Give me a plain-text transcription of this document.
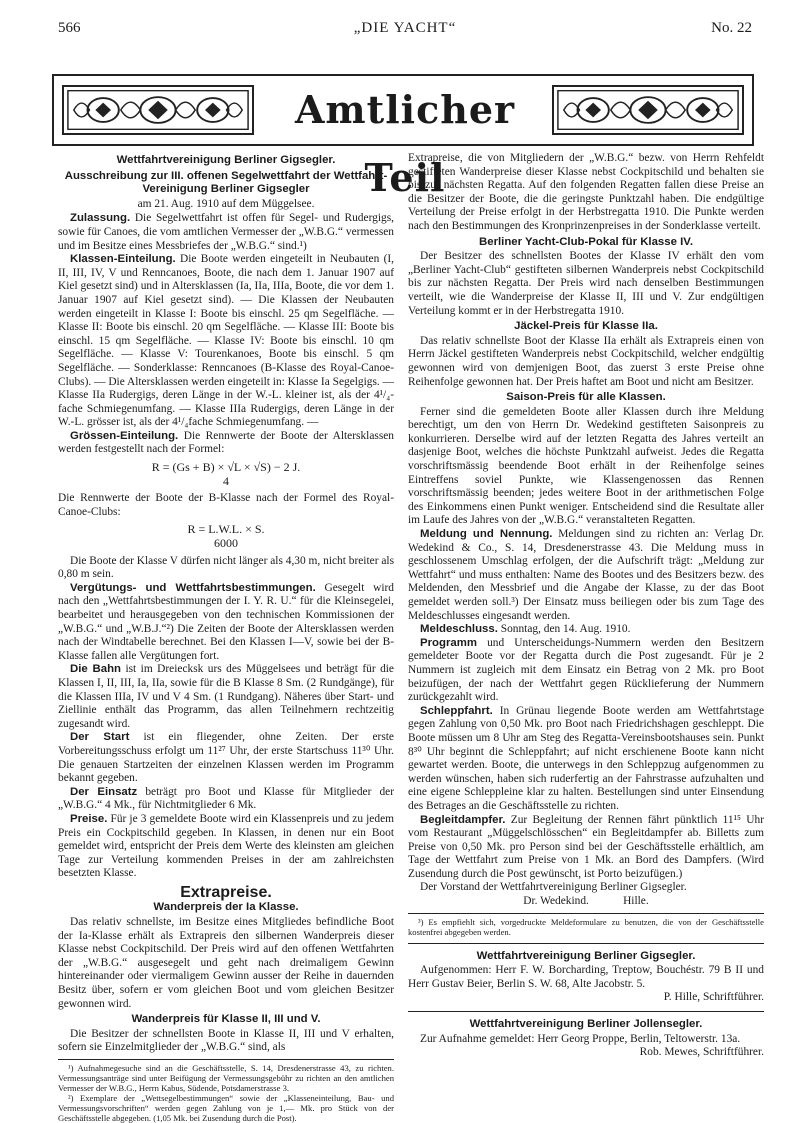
„DIE YACHT“
566	No. 22
Amtlicher Teil
Wettfahrtvereinigung Berliner Gigsegler.
Ausschreibung zur III. offenen Segelwettfahrt der Wettfahrt-Vereinigung Berliner Gigsegler
am 21. Aug. 1910 auf dem Müggelsee.

Zulassung. Die Segelwettfahrt ist offen für Segel- und Rudergigs, sowie für Canoes, die vom amtlichen Vermesser der „W.B.G.“ vermessen und im Besitze eines Messbriefes der „W.B.G.“ sind.¹)

Klassen-Einteilung. Die Boote werden eingeteilt in Neubauten (I, II, III, IV, V und Renncanoes, Boote, die nach dem 1. Januar 1907 auf Kiel gesetzt sind) und in Altersklassen (Ia, IIa, IIIa, Boote, die vor dem 1. Januar 1907 auf Kiel gesetzt sind). — Die Klassen der Neubauten werden eingeteilt in Klasse I: Boote bis einschl. 25 qm Segelfläche. — Klasse II: Boote bis einschl. 20 qm Segelfläche. — Klasse III: Boote bis einschl. 15 qm Segelfläche. — Klasse IV: Boote bis einschl. 10 qm Segelfläche. — Klasse V: Tourenkanoes, Boote bis einschl. 5 qm Segelfläche. — Sonderklasse: Renncanoes (B-Klasse des Royal-Canoe-Clubs). — Die Altersklassen werden eingeteilt in: Klasse Ia Segelgigs. — Klasse IIa Rudergigs, deren Länge in der W.-L. kleiner ist, als der 4¹/₄-fache Schmiegenumfang. — Klasse IIIa Rudergigs, deren Länge in der W.-L. grösser ist, als der 4¹/₄fache Schmiegenumfang. —

Grössen-Einteilung. Die Rennwerte der Boote der Altersklassen werden festgestellt nach der Formel:

R = (Gs + B) × √L × √S) − 2 J.
4

Die Rennwerte der Boote der B-Klasse nach der Formel des Royal-Canoe-Clubs:

R = L.W.L. × S.
6000

Die Boote der Klasse V dürfen nicht länger als 4,30 m, nicht breiter als 0,80 m sein.

Vergütungs- und Wettfahrtsbestimmungen. Gesegelt wird nach den „Wettfahrtsbestimmungen der I. Y. R. U.“ für die Kleinsegelei, bearbeitet und herausgegeben von den technischen Kommissionen der „W.B.G.“ und „W.B.J.“²) Die Zeiten der Boote der Altersklassen werden nach der Windtabelle berechnet. Bei den Klassen I—V, sowie bei der B-Klasse fallen alle Vergütungen fort.

Die Bahn ist im Dreiecksk urs des Müggelsees und beträgt für die Klassen I, II, III, Ia, IIa, sowie für die B Klasse 8 Sm. (2 Rundgänge), für die Klassen IIIa, IV und V 4 Sm. (1 Rundgang). Näheres über Start- und Ziellinie enthält das Programm, das allen Teilnehmern rechtzeitig zugesandt wird.

Der Start ist ein fliegender, ohne Zeiten. Der erste Vorbereitungsschuss erfolgt um 11²⁷ Uhr, der erste Startschuss 11³⁰ Uhr. Die genauen Startzeiten der einzelnen Klassen werden im Programm bekannt gegeben.

Der Einsatz beträgt pro Boot und Klasse für Mitglieder der „W.B.G.“ 4 Mk., für Nichtmitglieder 6 Mk.

Preise. Für je 3 gemeldete Boote wird ein Klassenpreis und zu jedem Preis ein Cockpitschild gegeben. In Klassen, in denen nur ein Boot gemeldet wird, entspricht der Preis dem Werte des kleinsten am gleichen Tage zur Verteilung kommenden Preises in der am zahlreichsten besetzten Klasse.

Extrapreise.
Wanderpreis der Ia Klasse.

Das relativ schnellste, im Besitze eines Mitgliedes befindliche Boot der Ia-Klasse erhält als Extrapreis den silbernen Wanderpreis dieser Klasse nebst Cockpitschild. Der Preis wird auf den offenen Wettfahrten der „W.B.G.“ ausgesegelt und geht nach dreimaligem Gewinn hintereinander oder viermaligem Gewinn ausser der Reihe in dauernden Besitz über, sofern er vom gleichen Boot und vom gleichen Besitzer gewonnen wird.

Wanderpreis für Klasse II, III und V.

Die Besitzer der schnellsten Boote in Klasse II, III und V erhalten, sofern sie Einzelmitglieder der „W.B.G.“ sind, als

¹) Aufnahmegesuche sind an die Geschäftsstelle, S. 14, Dresdenerstrasse 43, zu richten. Vermessungsanträge sind unter Beifügung der Vermessungsgebühr zu richten an den amtlichen Vermesser der W.B.G., Herrn Kabus, Südende, Potsdamerstrasse 3.

²) Exemplare der „Wettsegelbestimmungen“ sowie der „Klasseneinteilung, Bau- und Vermessungsvorschriften“ werden gegen Zahlung von je 1,— Mk. pro Stück von der Geschäftsstelle abgegeben. (1,05 Mk. bei Zusendung durch die Post).

Extrapreise, die von Mitgliedern der „W.B.G.“ bezw. von Herrn Rehfeldt gestifteten Wanderpreise dieser Klasse nebst Cockpitschild und behalten sie bis zur nächsten Regatta. Auf den folgenden Regatten fallen diese Preise an die Besitzer der Boote, die die geringste Punktzahl haben. Die endgültige Verteilung der Preise erfolgt in der Herbstregatta 1910. Die Punkte werden nach den Bestimmungen des Kronprinzenpreises in der Sonderklasse verteilt.

Berliner Yacht-Club-Pokal für Klasse IV.

Der Besitzer des schnellsten Bootes der Klasse IV erhält den vom „Berliner Yacht-Club“ gestifteten silbernen Wanderpreis nebst Cockpitschild bis zur nächsten Regatta. Der Preis wird nach denselben Bestimmungen verteilt, wie die Wanderpreise der Klasse II, III und V. Zur endgültigen Verteilung kommt er in der Herbstregatta 1910.

Jäckel-Preis für Klasse IIa.

Das relativ schnellste Boot der Klasse IIa erhält als Extrapreis einen von Herrn Jäckel gestifteten Wanderpreis nebst Cockpitschild, welcher endgültig gewonnen wird von demjenigen Boot, das zuerst 3 erste Preise ohne Reihenfolge gewonnen hat. Der Preis haftet am Boot und nicht am Besitzer.

Saison-Preis für alle Klassen.

Ferner sind die gemeldeten Boote aller Klassen durch ihre Meldung berechtigt, um den von Herrn Dr. Wedekind gestifteten Saisonpreis zu konkurrieren. Derselbe wird auf der letzten Regatta des Jahres verteilt an dasjenige Boot, welches die höchste Punktzahl aufweist. Jedes die Regatta vorschriftsmässig beendende Boot erhält in der Reihenfolge seines Eintreffens soviel Punkte, wie Klassengenossen das Rennen vorschriftsmässig beenden; jedes weitere Boot in der arithmetischen Folge des Einkommens einen Punkt weniger. Entscheidend sind die Resultate aller im Laufe des Jahres von der „W.B.G.“ veranstalteten Regatten.

Meldung und Nennung. Meldungen sind zu richten an: Verlag Dr. Wedekind & Co., S. 14, Dresdenerstrasse 43. Die Meldung muss in geschlossenem Umschlag erfolgen, der die Aufschrift trägt: „Meldung zur Wettfahrt“ und muss enthalten: Name des Bootes und des Besitzers bezw. des Meldenden, den Messbrief und die Angabe der Klasse, zu der das Boot gemeldet werden soll.³) Der Einsatz muss beiliegen oder bis zum Tage des Meldeschlusses eingesandt werden.

Meldeschluss. Sonntag, den 14. Aug. 1910.

Programm und Unterscheidungs-Nummern werden den Besitzern gemeldeter Boote vor der Regatta durch die Post zugesandt. Für je 2 Nummern ist zugleich mit dem Einsatz ein Betrag von 2 Mk. pro Boot beizufügen, der nach der Wettfahrt gegen Rücklieferung der Nummern zurückgezahlt wird.

Schleppfahrt. In Grünau liegende Boote werden am Wettfahrtstage gegen Zahlung von 0,50 Mk. pro Boot nach Friedrichshagen geschleppt. Die Boote müssen um 8 Uhr am Steg des Regatta-Vereinsbootshauses sein. Punkt 8³⁰ Uhr beginnt die Schleppfahrt; auf nicht erschienene Boote kann nicht gewartet werden. Boote, die unterwegs in den Schleppzug aufgenommen zu werden wünschen, haben sich ruderfertig an der Fahrstrasse aufzuhalten und eine eigene Schleppleine klar zu halten. Bestellungen sind unter Einsendung des Betrages an die Geschäftsstelle zu richten.

Begleitdampfer. Zur Begleitung der Rennen fährt pünktlich 11¹⁵ Uhr vom Restaurant „Müggelschlösschen“ ein Begleitdampfer ab. Billetts zum Preise von 0,50 Mk. pro Person sind bei der Geschäftsstelle erhältlich, am Tage der Wettfahrt zum Preise von 1 Mk. an Bord des Dampfers. (Wird Zusendung durch die Post gewünscht, ist Porto beizufügen.)

Der Vorstand der Wettfahrtvereinigung Berliner Gigsegler.

Dr. Wedekind.	Hille.

³) Es empfiehlt sich, vorgedruckte Meldeformulare zu benutzen, die von der Geschäftsstelle kostenfrei abgegeben werden.

Wettfahrtvereinigung Berliner Gigsegler.

Aufgenommen: Herr F. W. Borcharding, Treptow, Bouchéstr. 79 B II und Herr Gustav Beier, Berlin S. W. 68, Alte Jacobstr. 5.

P. Hille, Schriftführer.

Wettfahrtvereinigung Berliner Jollensegler.

Zur Aufnahme gemeldet: Herr Georg Proppe, Berlin, Teltowerstr. 13a.

Rob. Mewes, Schriftführer.
